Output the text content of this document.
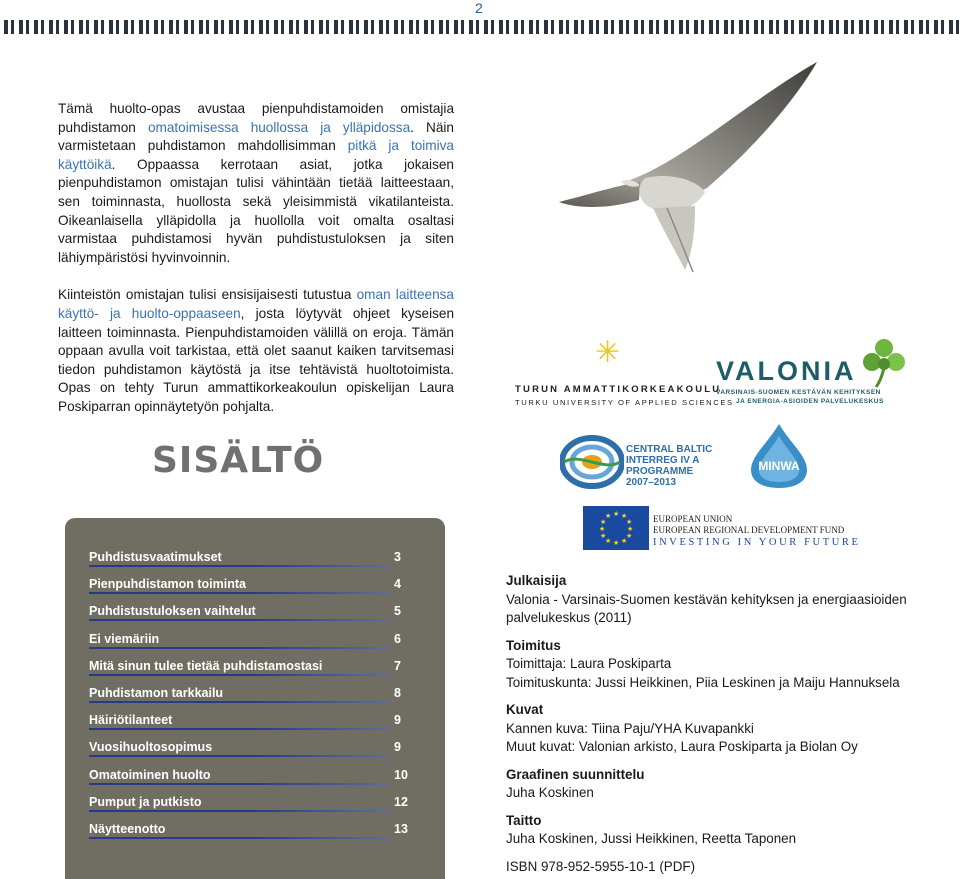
2

Tämä huolto-opas avustaa pienpuhdistamoiden omistajia puhdistamon omatoimisessa huollossa ja ylläpidossa. Näin varmistetaan puhdistamon mahdollisimman pitkä ja toimiva käyttöikä. Oppaassa kerrotaan asiat, jotka jokaisen pienpuhdistamon omistajan tulisi vähintään tietää laitteestaan, sen toiminnasta, huollosta sekä yleisimmistä vikatilanteista. Oikeanlaisella ylläpidolla ja huollolla voit omalta osaltasi varmistaa puhdistamosi hyvän puhdistustuloksen ja siten lähiympäristösi hyvinvoinnin.

Kiinteistön omistajan tulisi ensisijaisesti tutustua oman laitteensa käyttö- ja huolto-oppaaseen, josta löytyvät ohjeet kyseisen laitteen toiminnasta. Pienpuhdistamoiden välillä on eroja. Tämän oppaan avulla voit tarkistaa, että olet saanut kaiken tarvitsemasi tiedon puhdistamon käytöstä ja itse tehtävistä huoltotoimista. Opas on tehty Turun ammattikorkeakoulun opiskelijan Laura Poskiparran opinnäytetyön pohjalta.

✳
TURUN AMMATTIKORKEAKOULU
TURKU UNIVERSITY OF APPLIED SCIENCES
VALONIA
VARSINAIS-SUOMEN KESTÄVÄN KEHITYKSEN
JA ENERGIA-ASIOIDEN PALVELUKESKUS
CENTRAL BALTIC
INTERREG IV A
PROGRAMME
2007–2013
MINWA
★ ★
★
★
★
★
★
★
★
★
★
★	EUROPEAN UNION
EUROPEAN REGIONAL DEVELOPMENT FUND
INVESTING IN YOUR FUTURE
SISÄLTÖ
Puhdistusvaatimukset	3
Pienpuhdistamon toiminta	4
Puhdistustuloksen vaihtelut	5
Ei viemäriin	6
Mitä sinun tulee tietää puhdistamostasi	7
Puhdistamon tarkkailu	8
Häiriötilanteet	9
Vuosihuoltosopimus	9
Omatoiminen huolto	10
Pumput ja putkisto	12
Näytteenotto	13
Julkaisija
Valonia - Varsinais-Suomen kestävän kehityksen ja energiaasioiden palvelukeskus (2011)
Toimitus
Toimittaja: Laura Poskiparta
Toimituskunta: Jussi Heikkinen, Piia Leskinen ja Maiju Hannuksela
Kuvat
Kannen kuva: Tiina Paju/YHA Kuvapankki
Muut kuvat: Valonian arkisto, Laura Poskiparta ja Biolan Oy
Graafinen suunnittelu
Juha Koskinen
Taitto
Juha Koskinen, Jussi Heikkinen, Reetta Taponen
ISBN 978-952-5955-10-1 (PDF)
